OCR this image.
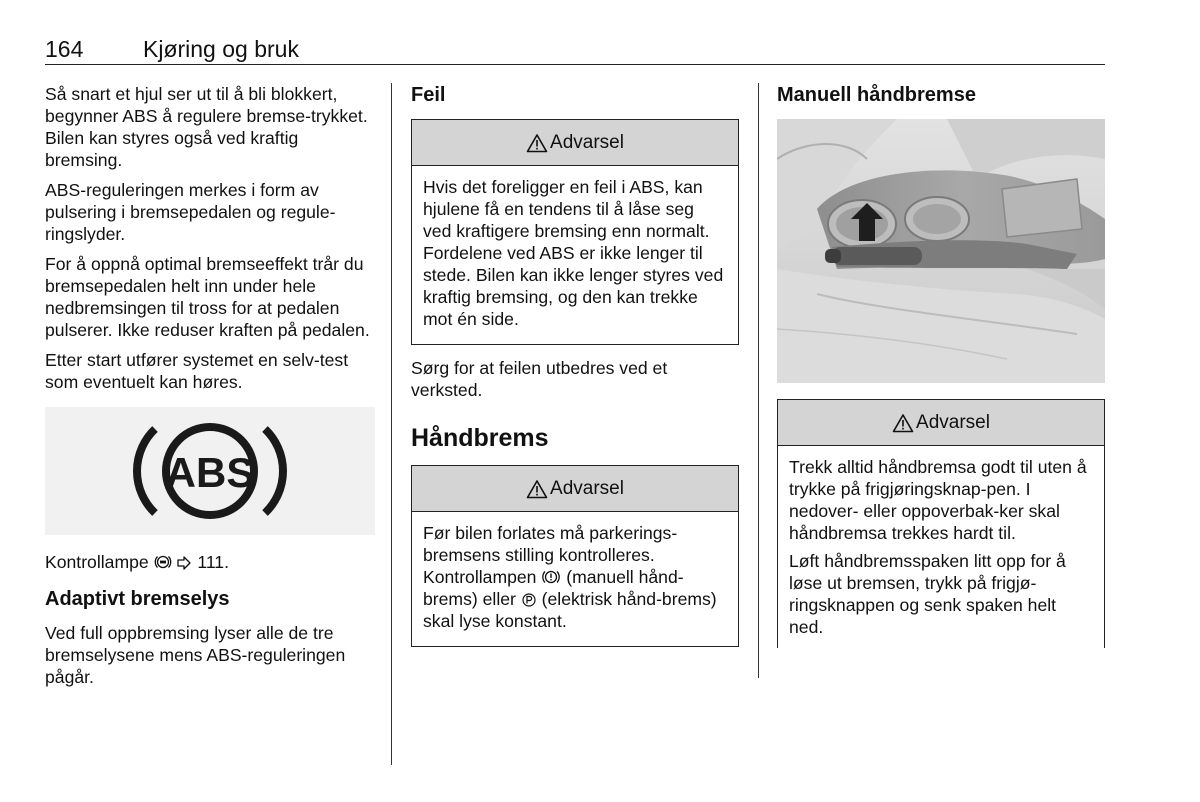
164	Kjøring og bruk

Så snart et hjul ser ut til å bli blokkert, begynner ABS å regulere bremse-trykket. Bilen kan styres også ved kraftig bremsing.

ABS-reguleringen merkes i form av pulsering i bremsepedalen og regule-ringslyder.

For å oppnå optimal bremseeffekt trår du bremsepedalen helt inn under hele nedbremsingen til tross for at pedalen pulserer. Ikke reduser kraften på pedalen.

Etter start utfører systemet en selv-test som eventuelt kan høres.

ABS

Kontrollampe	111.

Adaptivt bremselys

Ved full oppbremsing lyser alle de tre bremselysene mens ABS-reguleringen pågår.

Feil
Advarsel

Hvis det foreligger en feil i ABS, kan hjulene få en tendens til å låse seg ved kraftigere bremsing enn normalt. Fordelene ved ABS er ikke lenger til stede. Bilen kan ikke lenger styres ved kraftig bremsing, og den kan trekke mot én side.

Sørg for at feilen utbedres ved et verksted.

Håndbrems
Advarsel

Før bilen forlates må parkerings-bremsens stilling kontrolleres. Kontrollampen (manuell hånd-brems) eller (elektrisk hånd-brems) skal lyse konstant.

Manuell håndbremse
Advarsel

Trekk alltid håndbremsa godt til uten å trykke på frigjøringsknap-pen. I nedover- eller oppoverbak-ker skal håndbremsa trekkes hardt til.

Løft håndbremsspaken litt opp for å løse ut bremsen, trykk på frigjø-ringsknappen og senk spaken helt ned.
